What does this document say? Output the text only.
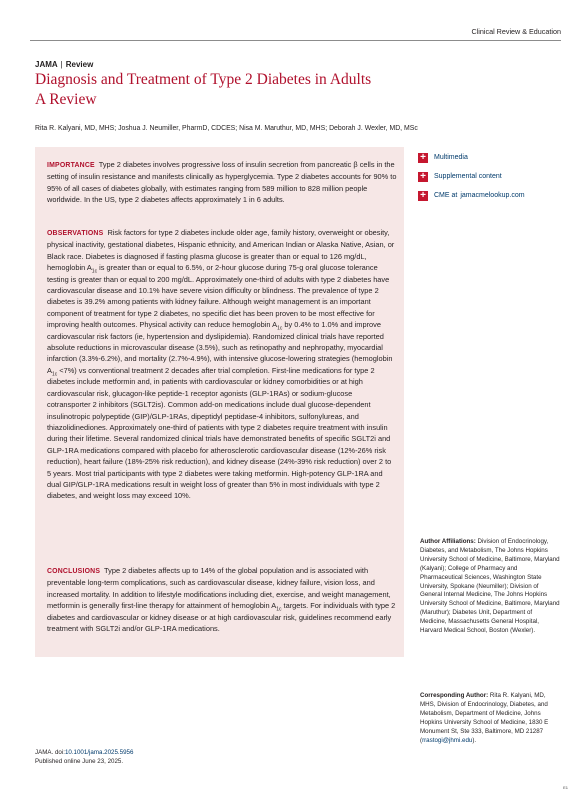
Clinical Review & Education
JAMA | Review
Diagnosis and Treatment of Type 2 Diabetes in Adults
A Review
Rita R. Kalyani, MD, MHS; Joshua J. Neumiller, PharmD, CDCES; Nisa M. Maruthur, MD, MHS; Deborah J. Wexler, MD, MSc

IMPORTANCE Type 2 diabetes involves progressive loss of insulin secretion from pancreatic β cells in the setting of insulin resistance and manifests clinically as hyperglycemia. Type 2 diabetes accounts for 90% to 95% of all cases of diabetes globally, with estimates ranging from 589 million to 828 million people worldwide. In the US, type 2 diabetes affects approximately 1 in 6 adults.

OBSERVATIONS Risk factors for type 2 diabetes include older age, family history, overweight or obesity, physical inactivity, gestational diabetes, Hispanic ethnicity, and American Indian or Alaska Native, Asian, or Black race. Diabetes is diagnosed if fasting plasma glucose is greater than or equal to 126 mg/dL, hemoglobin $A_{1c}$ is greater than or equal to 6.5%, or 2-hour glucose during 75-g oral glucose tolerance testing is greater than or equal to 200 mg/dL. Approximately one-third of adults with type 2 diabetes have cardiovascular disease and 10.1% have severe vision difficulty or blindness. The prevalence of type 2 diabetes is 39.2% among patients with kidney failure. Although weight management is an important component of treatment for type 2 diabetes, no specific diet has been proven to be most effective for improving health outcomes. Physical activity can reduce hemoglobin $A_{1c}$ by 0.4% to 1.0% and improve cardiovascular risk factors (ie, hypertension and dyslipidemia). Randomized clinical trials have reported absolute reductions in microvascular disease (3.5%), such as retinopathy and nephropathy, myocardial infarction (3.3%-6.2%), and mortality (2.7%-4.9%), with intensive glucose-lowering strategies (hemoglobin $A_{1c} <7\%$) vs conventional treatment 2 decades after trial completion. First-line medications for type 2 diabetes include metformin and, in patients with cardiovascular or kidney comorbidities or at high cardiovascular risk, glucagon-like peptide-1 receptor agonists (GLP-1RAs) or sodium-glucose cotransporter 2 inhibitors (SGLT2is). Common add-on medications include dual glucose-dependent insulinotropic polypeptide (GIP)/GLP-1RAs, dipeptidyl peptidase-4 inhibitors, sulfonylureas, and thiazolidinediones. Approximately one-third of patients with type 2 diabetes require treatment with insulin during their lifetime. Several randomized clinical trials have demonstrated benefits of specific SGLT2i and GLP-1RA medications compared with placebo for atherosclerotic cardiovascular disease (12%-26% risk reduction), heart failure (18%-25% risk reduction), and kidney disease (24%-39% risk reduction) over 2 to 5 years. Most trial participants with type 2 diabetes were taking metformin. High-potency GLP-1RA and dual GIP/GLP-1RA medications result in weight loss of greater than 5% in most individuals with type 2 diabetes, and weight loss may exceed 10%.

CONCLUSIONS Type 2 diabetes affects up to 14% of the global population and is associated with preventable long-term complications, such as cardiovascular disease, kidney failure, vision loss, and increased mortality. In addition to lifestyle modifications including diet, exercise, and weight management, metformin is generally first-line therapy for attainment of hemoglobin $A_{1c}$ targets. For individuals with type 2 diabetes and cardiovascular or kidney disease or at high cardiovascular risk, guidelines recommend early treatment with SGLT2i and/or GLP-1RA medications.

+ Multimedia
+ Supplemental content
+ CME at jamacmelookup.com
Author Affiliations: Division of Endocrinology, Diabetes, and Metabolism, The Johns Hopkins University School of Medicine, Baltimore, Maryland (Kalyani); College of Pharmacy and Pharmaceutical Sciences, Washington State University, Spokane (Neumiller); Division of General Internal Medicine, The Johns Hopkins University School of Medicine, Baltimore, Maryland (Maruthur); Diabetes Unit, Department of Medicine, Massachusetts General Hospital, Harvard Medical School, Boston (Wexler).
Corresponding Author: Rita R. Kalyani, MD, MHS, Division of Endocrinology, Diabetes, and Metabolism, Department of Medicine, Johns Hopkins University School of Medicine, 1830 E Monument St, Ste 333, Baltimore, MD 21287 (rrastogi@jhmi.edu).
JAMA. doi:10.1001/jama.2025.5956
Published online June 23, 2025.
E1
